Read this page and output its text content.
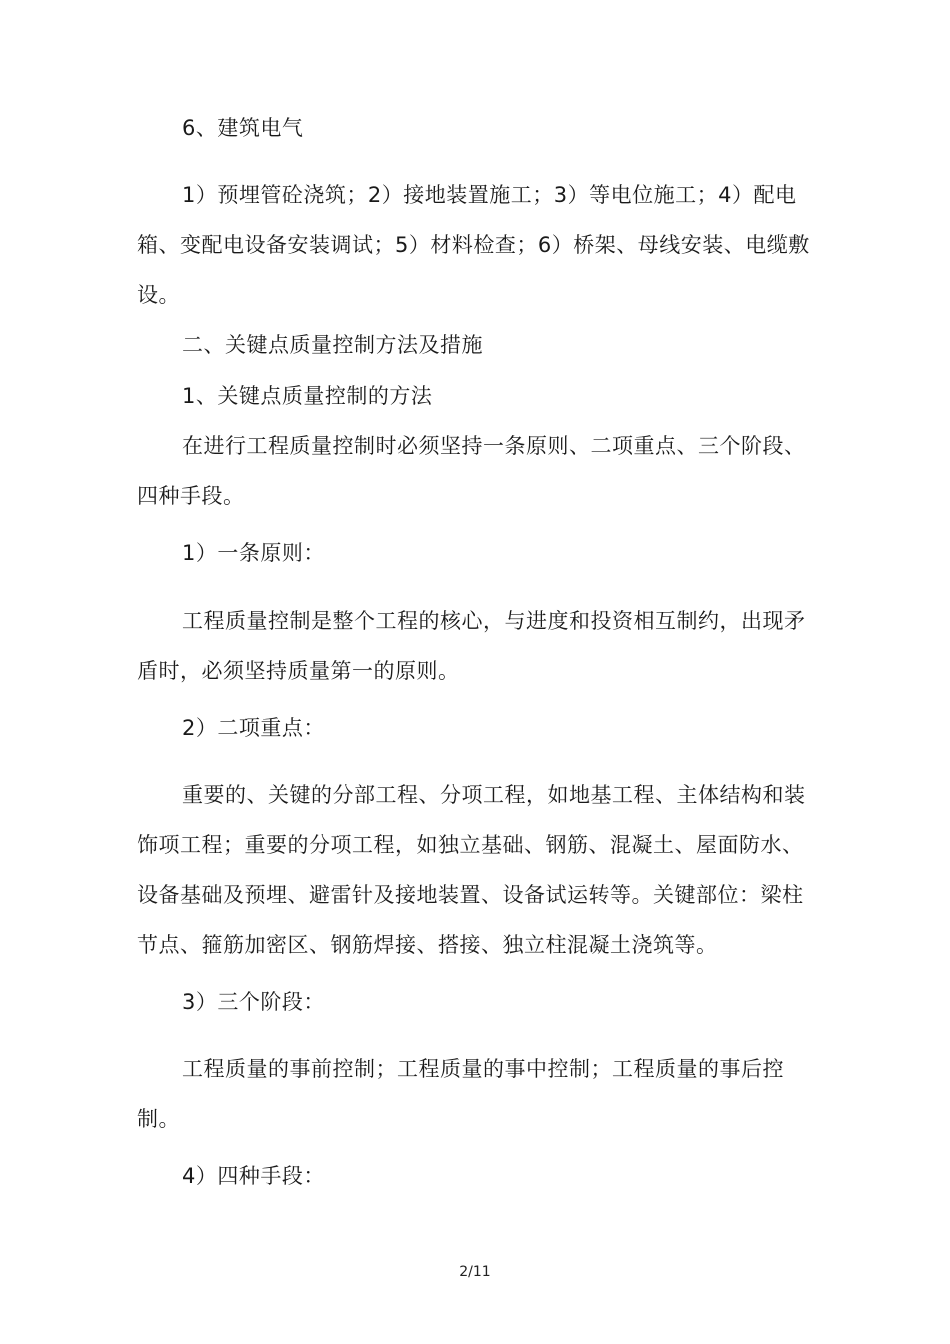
6、建筑电气

1）预埋管砼浇筑；2）接地装置施工；3）等电位施工；4）配电箱、变配电设备安装调试；5）材料检查；6）桥架、母线安装、电缆敷设。

二、关键点质量控制方法及措施

1、关键点质量控制的方法

在进行工程质量控制时必须坚持一条原则、二项重点、三个阶段、四种手段。

1）一条原则：

工程质量控制是整个工程的核心，与进度和投资相互制约，出现矛盾时，必须坚持质量第一的原则。

2）二项重点：

重要的、关键的分部工程、分项工程，如地基工程、主体结构和装饰项工程；重要的分项工程，如独立基础、钢筋、混凝土、屋面防水、设备基础及预埋、避雷针及接地装置、设备试运转等。关键部位：梁柱节点、箍筋加密区、钢筋焊接、搭接、独立柱混凝土浇筑等。

3）三个阶段：

工程质量的事前控制；工程质量的事中控制；工程质量的事后控制。

4）四种手段：

2/11
